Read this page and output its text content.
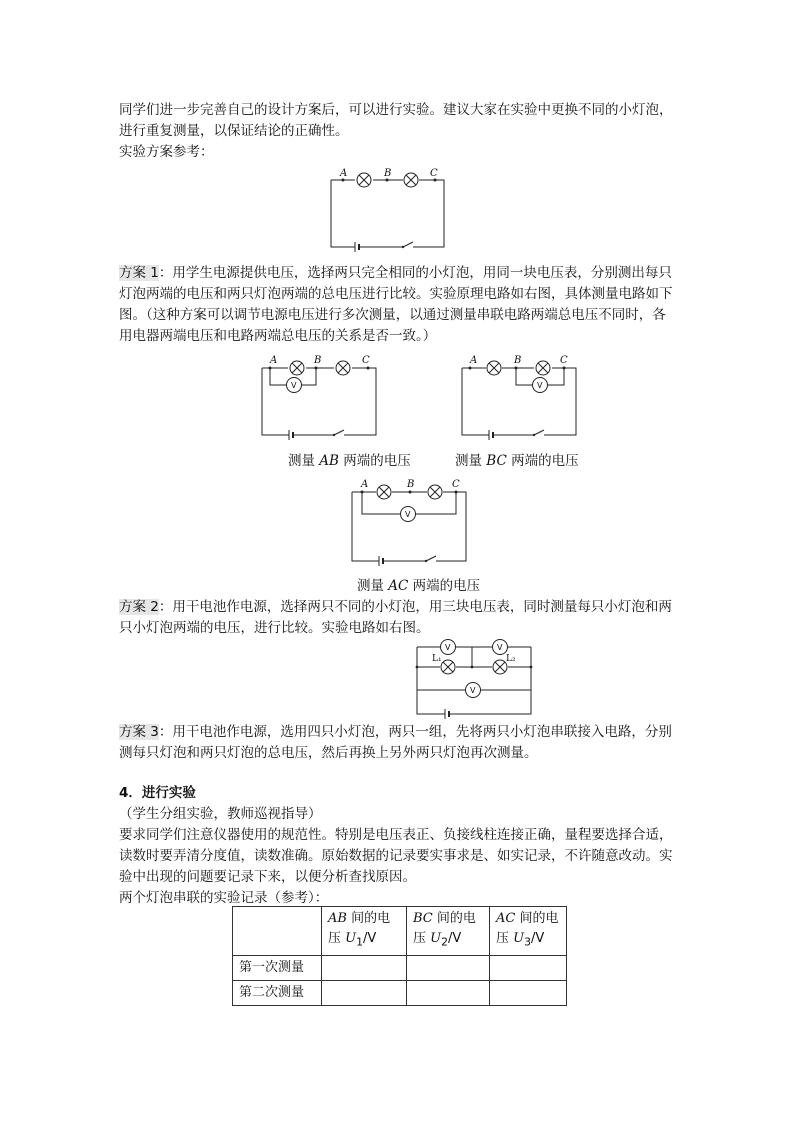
同学们进一步完善自己的设计方案后，可以进行实验。建议大家在实验中更换不同的小灯泡，

进行重复测量，以保证结论的正确性。

实验方案参考：

A	B	C

方案 1：用学生电源提供电压，选择两只完全相同的小灯泡，用同一块电压表，分别测出每只灯泡两端的电压和两只灯泡两端的总电压进行比较。实验原理电路如右图，具体测量电路如下图。（这种方案可以调节电源电压进行多次测量，以通过测量串联电路两端总电压不同时，各用电器两端电压和电路两端总电压的关系是否一致。）

V
A	B	C
V
A	B	C
测量 AB 两端的电压	测量 BC 两端的电压
V
A	B	C
测量 AC 两端的电压

方案 2：用干电池作电源，选择两只不同的小灯泡，用三块电压表，同时测量每只小灯泡和两只小灯泡两端的电压，进行比较。实验电路如右图。

V	V
V
L₁	L₂

方案 3：用干电池作电源，选用四只小灯泡，两只一组，先将两只小灯泡串联接入电路，分别测每只灯泡和两只灯泡的总电压，然后再换上另外两只灯泡再次测量。

4．进行实验

（学生分组实验，教师巡视指导）

要求同学们注意仪器使用的规范性。特别是电压表正、负接线柱连接正确，量程要选择合适，读数时要弄清分度值，读数准确。原始数据的记录要实事求是、如实记录，不许随意改动。实验中出现的问题要记录下来，以便分析查找原因。

两个灯泡串联的实验记录（参考）：

	AB 间的电压 $U_1/V$	BC 间的电压 $U_2/V$	AC 间的电压 $U_3/V$
第一次测量			
第二次测量			
